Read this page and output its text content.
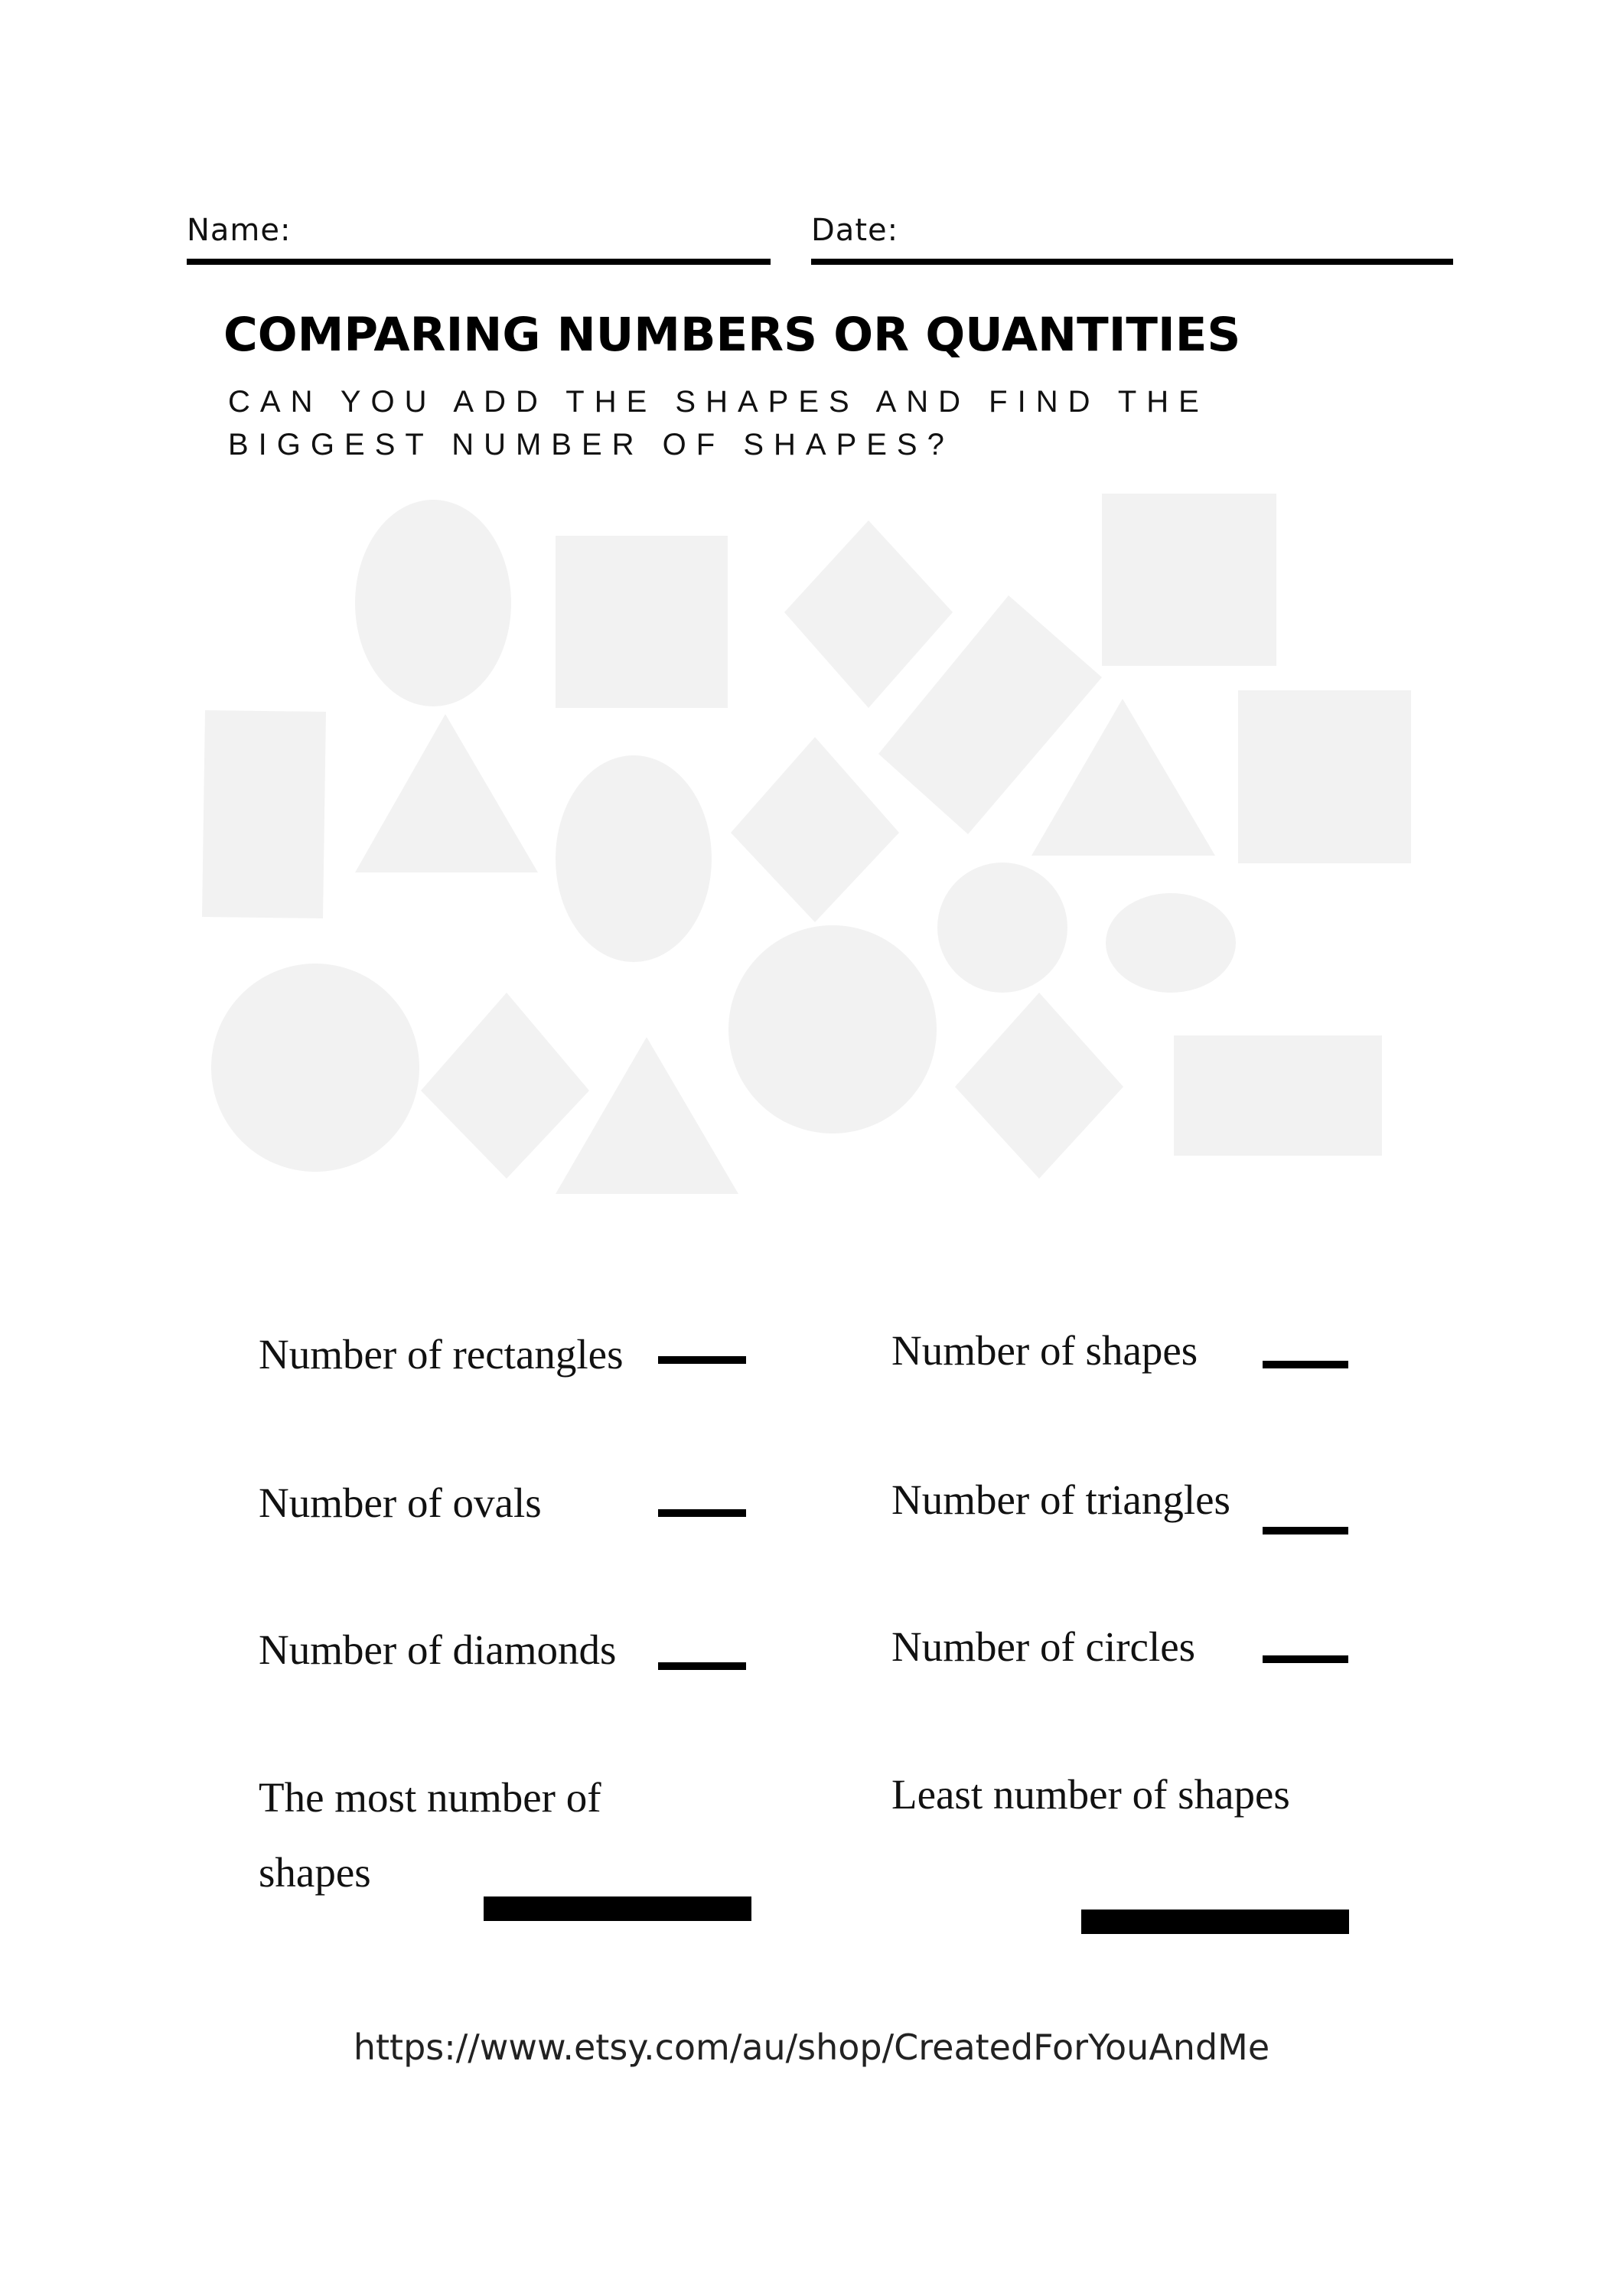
Name:	Date:
COMPARING NUMBERS OR QUANTITIES
CAN YOU ADD THE SHAPES AND FIND THE BIGGEST NUMBER OF SHAPES?
Number of rectangles
Number of ovals
Number of diamonds
The most number of shapes
Number of shapes
Number of triangles
Number of circles
Least number of shapes
https://www.etsy.com/au/shop/CreatedForYouAndMe
